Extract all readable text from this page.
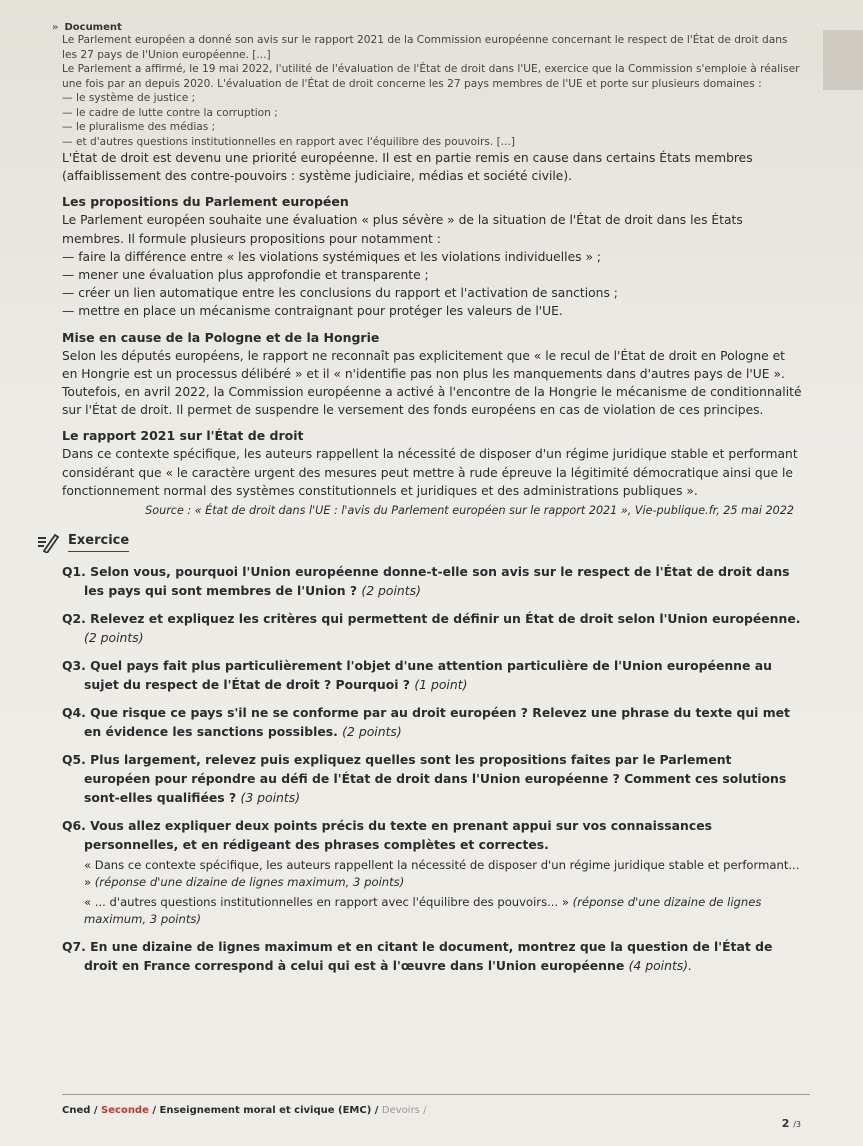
» Document

Le Parlement européen a donné son avis sur le rapport 2021 de la Commission européenne concernant le respect de l'État de droit dans les 27 pays de l'Union européenne. [...]

Le Parlement a affirmé, le 19 mai 2022, l'utilité de l'évaluation de l'État de droit dans l'UE, exercice que la Commission s'emploie à réaliser une fois par an depuis 2020. L'évaluation de l'État de droit concerne les 27 pays membres de l'UE et porte sur plusieurs domaines :

— le système de justice ;
— le cadre de lutte contre la corruption ;
— le pluralisme des médias ;
— et d'autres questions institutionnelles en rapport avec l'équilibre des pouvoirs. [...]

L'État de droit est devenu une priorité européenne. Il est en partie remis en cause dans certains États membres (affaiblissement des contre-pouvoirs : système judiciaire, médias et société civile).

Les propositions du Parlement européen

Le Parlement européen souhaite une évaluation « plus sévère » de la situation de l'État de droit dans les États membres. Il formule plusieurs propositions pour notamment :

— faire la différence entre « les violations systémiques et les violations individuelles » ;
— mener une évaluation plus approfondie et transparente ;
— créer un lien automatique entre les conclusions du rapport et l'activation de sanctions ;
— mettre en place un mécanisme contraignant pour protéger les valeurs de l'UE.
Mise en cause de la Pologne et de la Hongrie

Selon les députés européens, le rapport ne reconnaît pas explicitement que « le recul de l'État de droit en Pologne et en Hongrie est un processus délibéré » et il « n'identifie pas non plus les manquements dans d'autres pays de l'UE ». Toutefois, en avril 2022, la Commission européenne a activé à l'encontre de la Hongrie le mécanisme de conditionnalité sur l'État de droit. Il permet de suspendre le versement des fonds européens en cas de violation de ces principes.

Le rapport 2021 sur l'État de droit

Dans ce contexte spécifique, les auteurs rappellent la nécessité de disposer d'un régime juridique stable et performant considérant que « le caractère urgent des mesures peut mettre à rude épreuve la légitimité démocratique ainsi que le fonctionnement normal des systèmes constitutionnels et juridiques et des administrations publiques ».

Source : « État de droit dans l'UE : l'avis du Parlement européen sur le rapport 2021 », Vie-publique.fr, 25 mai 2022

Exercice
Q1. Selon vous, pourquoi l'Union européenne donne-t-elle son avis sur le respect de l'État de droit dans les pays qui sont membres de l'Union ? (2 points)
Q2. Relevez et expliquez les critères qui permettent de définir un État de droit selon l'Union européenne. (2 points)
Q3. Quel pays fait plus particulièrement l'objet d'une attention particulière de l'Union européenne au sujet du respect de l'État de droit ? Pourquoi ? (1 point)
Q4. Que risque ce pays s'il ne se conforme par au droit européen ? Relevez une phrase du texte qui met en évidence les sanctions possibles. (2 points)
Q5. Plus largement, relevez puis expliquez quelles sont les propositions faites par le Parlement européen pour répondre au défi de l'État de droit dans l'Union européenne ? Comment ces solutions sont-elles qualifiées ? (3 points)
Q6. Vous allez expliquer deux points précis du texte en prenant appui sur vos connaissances personnelles, et en rédigeant des phrases complètes et correctes.
« Dans ce contexte spécifique, les auteurs rappellent la nécessité de disposer d'un régime juridique stable et performant... » (réponse d'une dizaine de lignes maximum, 3 points)
« ... d'autres questions institutionnelles en rapport avec l'équilibre des pouvoirs... » (réponse d'une dizaine de lignes maximum, 3 points)
Q7. En une dizaine de lignes maximum et en citant le document, montrez que la question de l'État de droit en France correspond à celui qui est à l'œuvre dans l'Union européenne (4 points).
Cned / Seconde / Enseignement moral et civique (EMC) / Devoirs /
2 /3
